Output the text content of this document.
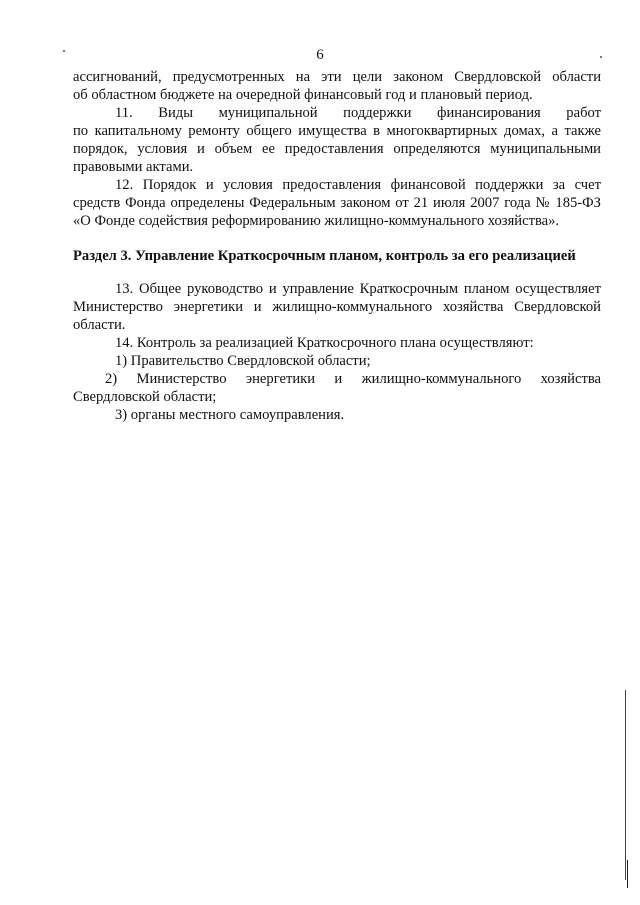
6
ассигнований, предусмотренных на эти цели законом Свердловской области
об областном бюджете на очередной финансовый год и плановый период.
11. Виды муниципальной поддержки финансирования работ

по капитальному ремонту общего имущества в многоквартирных домах, а также порядок, условия и объем ее предоставления определяются муниципальными правовыми актами.

12. Порядок и условия предоставления финансовой поддержки за счет средств Фонда определены Федеральным законом от 21 июля 2007 года № 185-ФЗ «О Фонде содействия реформированию жилищно-коммунального хозяйства».

Раздел 3. Управление Краткосрочным планом, контроль за его реализацией

13. Общее руководство и управление Краткосрочным планом осуществляет Министерство энергетики и жилищно-коммунального хозяйства Свердловской области.

14. Контроль за реализацией Краткосрочного плана осуществляют:

1) Правительство Свердловской области;

2) Министерство энергетики и жилищно-коммунального хозяйства
Свердловской области;

3) органы местного самоуправления.
